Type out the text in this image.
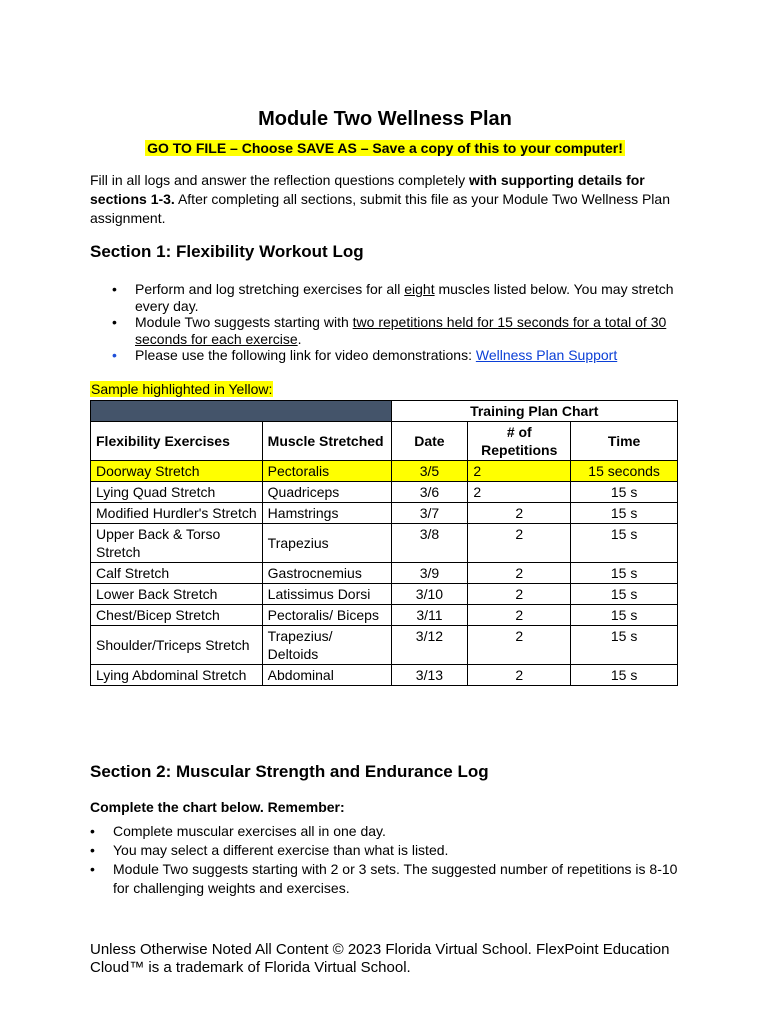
Module Two Wellness Plan
GO TO FILE – Choose SAVE AS – Save a copy of this to your computer!

Fill in all logs and answer the reflection questions completely with supporting details for sections 1-3. After completing all sections, submit this file as your Module Two Wellness Plan assignment.

Section 1: Flexibility Workout Log
• Perform and log stretching exercises for all eight muscles listed below. You may stretch every day.
• Module Two suggests starting with two repetitions held for 15 seconds for a total of 30 seconds for each exercise.
• Please use the following link for video demonstrations: Wellness Plan Support
Sample highlighted in Yellow:
		Training Plan Chart		
Flexibility Exercises	Muscle Stretched	Date	# of Repetitions	Time
Doorway Stretch	Pectoralis	3/5	2	15 seconds
Lying Quad Stretch	Quadriceps	3/6	2	15 s
Modified Hurdler's Stretch	Hamstrings	3/7	2	15 s
Upper Back & Torso Stretch	Trapezius	3/8	2	15 s
Calf Stretch	Gastrocnemius	3/9	2	15 s
Lower Back Stretch	Latissimus Dorsi	3/10	2	15 s
Chest/Bicep Stretch	Pectoralis/ Biceps	3/11	2	15 s
Shoulder/Triceps Stretch	Trapezius/ Deltoids	3/12	2	15 s
Lying Abdominal Stretch	Abdominal	3/13	2	15 s
Section 2: Muscular Strength and Endurance Log
Complete the chart below. Remember:
• Complete muscular exercises all in one day.
• You may select a different exercise than what is listed.
• Module Two suggests starting with 2 or 3 sets. The suggested number of repetitions is 8-10 for challenging weights and exercises.
Unless Otherwise Noted All Content © 2023 Florida Virtual School. FlexPoint Education Cloud™ is a trademark of Florida Virtual School.
